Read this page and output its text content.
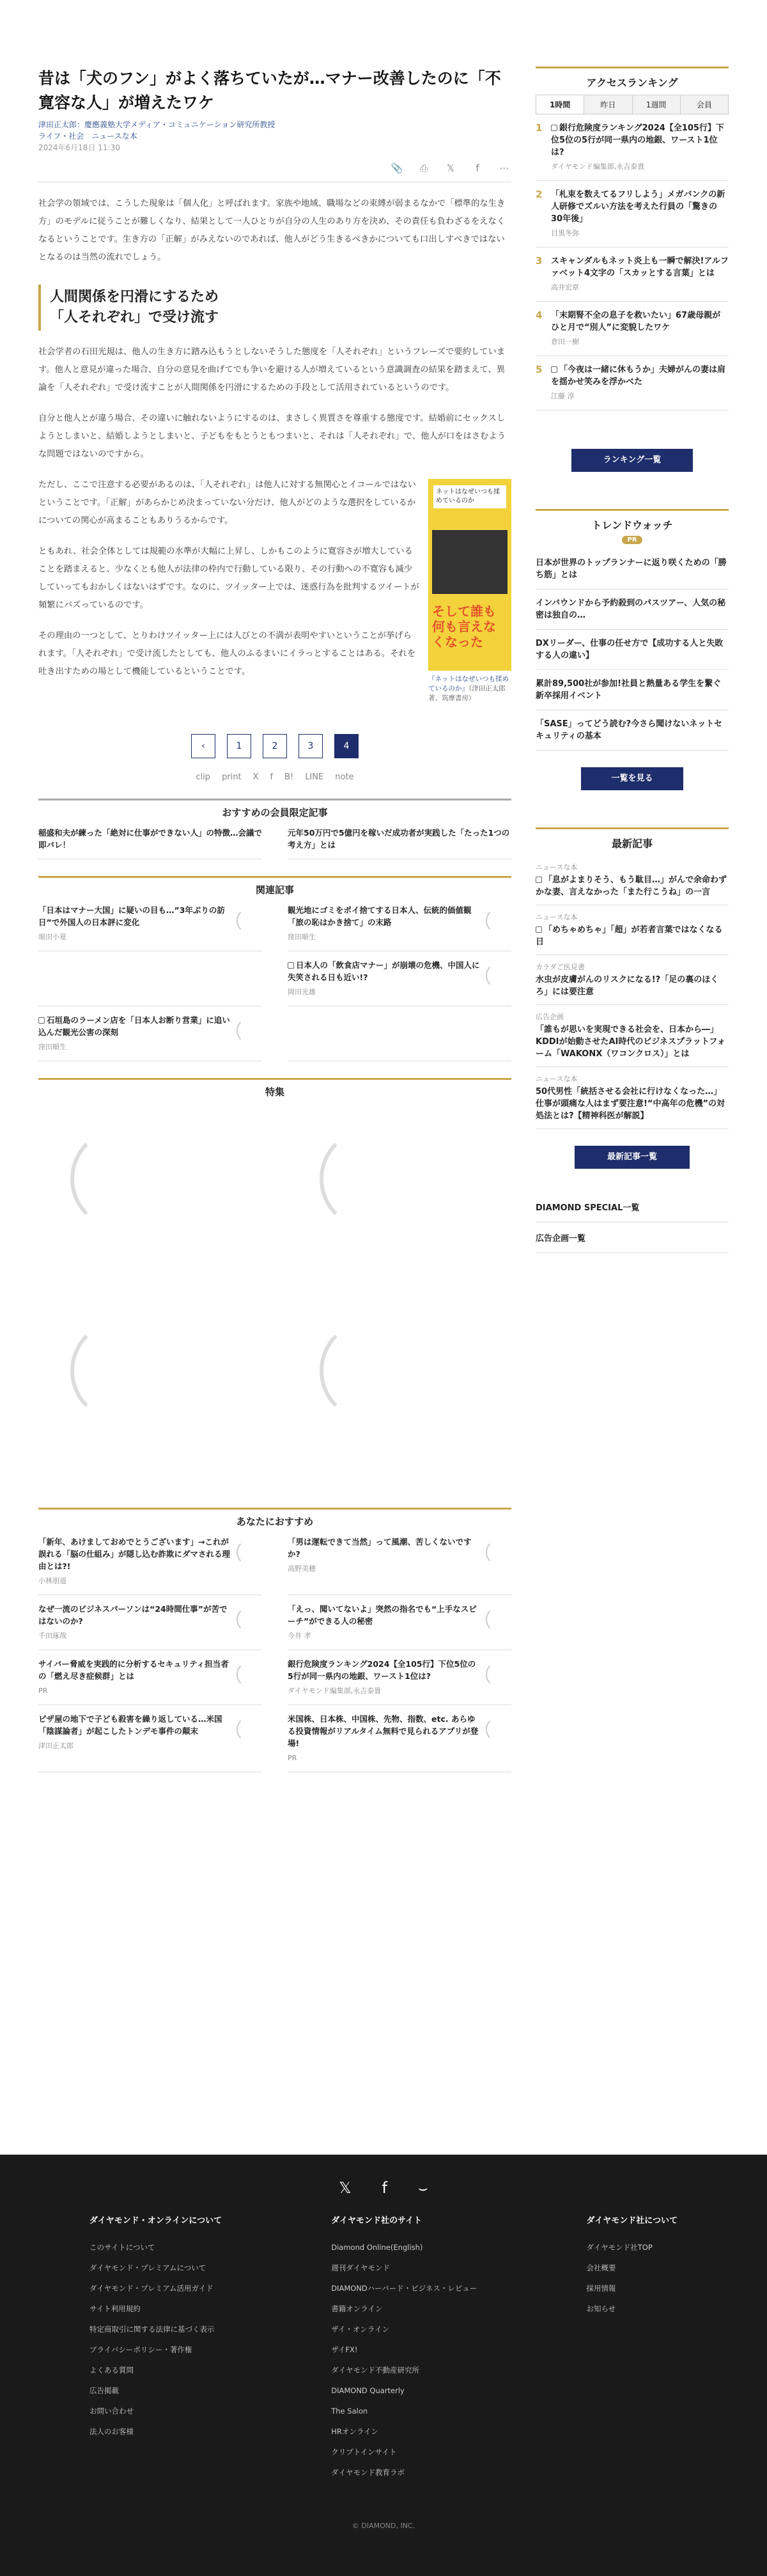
昔は「犬のフン」がよく落ちていたが…マナー改善したのに「不寛容な人」が増えたワケ
津田正太郎：慶應義塾大学メディア・コミュニケーション研究所教授
ライフ・社会　 ニュースな本
2024年6月18日 11:30
📎	⎙	𝕏	f	⋯

社会学の領域では、こうした現象は「個人化」と呼ばれます。家族や地域、職場などの束縛が弱まるなかで「標準的な生き方」のモデルに従うことが難しくなり、結果として一人ひとりが自分の人生のあり方を決め、その責任も負わざるをえなくなるということです。生き方の「正解」がみえないのであれば、他人がどう生きるべきかについても口出しすべきではないとなるのは当然の流れでしょう。

人間関係を円滑にするため
「人それぞれ」で受け流す

社会学者の石田光規は、他人の生き方に踏み込もうとしないそうした態度を「人それぞれ」というフレーズで要約しています。他人と意見が違った場合、自分の意見を曲げてでも争いを避ける人が増えているという意識調査の結果を踏まえて、異論を「人それぞれ」で受け流すことが人間関係を円滑にするための手段として活用されているというのです。

自分と他人とが違う場合、その違いに触れないようにするのは、まさしく異質さを尊重する態度です。結婚前にセックスしようとしまいと、結婚しようとしまいと、子どもをもとうともつまいと、それは「人それぞれ」で、他人が口をはさむような問題ではないのですから。

ただし、ここで注意する必要があるのは、「人それぞれ」は他人に対する無関心とイコールではないということです。「正解」があらかじめ決まっていない分だけ、他人がどのような選択をしているかについての関心が高まることもありうるからです。

ともあれ、社会全体としては規範の水準が大幅に上昇し、しかもこのように寛容さが増大していることを踏まえると、少なくとも他人が法律の枠内で行動している限り、その行動への不寛容も減少していってもおかしくはないはずです。なのに、ツイッター上では、迷惑行為を批判するツイートが頻繁にバズっているのです。

その理由の一つとして、とりわけツイッター上には人びとの不満が表明やすいということが挙げられます。「人それぞれ」で受け流したとしても、他人のふるまいにイラっとすることはある。それを吐き出すための場として機能しているということです。

ネットはなぜいつも揉めているのか
そして誰も何も言えなくなった
『ネットはなぜいつも揉めているのか』（津田正太郎著、筑摩書房）
‹	1	2	3	4
clip print X f B! LINE note
おすすめの会員限定記事
稲盛和夫が練った「絶対に仕事ができない人」の特徴…会議で即バレ！
元年50万円で5億円を稼いだ成功者が実践した「たった1つの考え方」とは
関連記事
「日本はマナー大国」に疑いの目も…”3年ぶりの訪日”で外国人の日本評に変化
堀田小夏
観光地にゴミをポイ捨てする日本人、伝統的価値観「旅の恥はかき捨て」の末路
窪田順生
日本人の「飲食店マナー」が崩壊の危機、中国人に失笑される日も近い!?
岡田光雄
石垣島のラーメン店を「日本人お断り営業」に追い込んだ観光公害の深刻
窪田順生
特集
あなたにおすすめ
「新年、あけましておめでとうございます」→これが誤れる「脳の仕組み」が隠し込む詐欺にダマされる理由とは?!
小林朋道
「男は運転できて当然」って風潮、苦しくないですか?
高野美穂
なぜ一流のビジネスパーソンは“24時間仕事”が苦ではないのか?
千田琢哉
「えっ、聞いてないよ」突然の指名でも“上手なスピーチ”ができる人の秘密
今井 孝
サイバー脅威を実践的に分析するセキュリティ担当者の「燃え尽き症候群」とは
PR
銀行危険度ランキング2024【全105行】下位5位の5行が同一県内の地銀、ワースト1位は?
ダイヤモンド編集部,永吉泰貴
ピザ屋の地下で子ども殺害を繰り返している…米国「陰謀論者」が起こしたトンデモ事件の顛末
津田正太郎
米国株、日本株、中国株、先物、指数、etc. あらゆる投資情報がリアルタイム無料で見られるアプリが登場!
PR
アクセスランキング
1時間	昨日	1週間	会員
1	銀行危険度ランキング2024【全105行】下位5位の5行が同一県内の地銀、ワースト1位は?
ダイヤモンド編集部,永吉泰貴
2 「札束を数えてるフリしよう」メガバンクの新人研修でズルい方法を考えた行員の「驚きの30年後」
目黒冬弥
3 スキャンダルもネット炎上も一瞬で解決!アルファベット4文字の「スカッとする言葉」とは
高井宏章
4 「末期腎不全の息子を救いたい」67歳母親がひと月で“別人”に変貌したワケ
倉田一樹
5	「今夜は一緒に休もうか」夫婦がんの妻は肩を揺かせ笑みを浮かべた
江藤 淳
ランキング一覧
トレンドウォッチ
PR
日本が世界のトップランナーに返り咲くための「勝ち筋」とは
インバウンドから予約殺到のパスツアー、人気の秘密は独自の…
DXリーダー、仕事の任せ方で【成功する人と失敗する人の違い】
累計89,500社が参加!社員と熱量ある学生を繋ぐ新卒採用イベント
「SASE」ってどう読む?今さら聞けないネットセキュリティの基本
一覧を見る
最新記事
ニュースな本
「息がよまりそう、もう駄目…」がんで余命わずかな妻、言えなかった「また行こうね」の一言
ニュースな本
「めちゃめちゃ」「超」が若者言葉ではなくなる日
カラダご医見書
水虫が皮膚がんのリスクになる!?「足の裏のほくろ」には要注意
広告企画
「誰もが思いを実現できる社会を、日本から―」KDDIが始動させたAI時代のビジネスプラットフォーム「WAKONX（ワコンクロス）」とは
ニュースな本
50代男性「統括させる会社に行けなくなった…」仕事が頭痛な人はまず要注意!“中高年の危機”の対処法とは?【精神科医が解説】
最新記事一覧
DIAMOND SPECIAL一覧
広告企画一覧
𝕏 f ⌣
ダイヤモンド・オンラインについて
このサイトについて
ダイヤモンド・プレミアムについて
ダイヤモンド・プレミアム活用ガイド
サイト利用規約
特定商取引に関する法律に基づく表示
プライバシーポリシー・著作権
よくある質問
広告掲載
お問い合わせ
法人のお客様
ダイヤモンド社のサイト
Diamond Online(English)
週刊ダイヤモンド
DIAMONDハーバード・ビジネス・レビュー
書籍オンライン
ザイ・オンライン
ザイFX!
ダイヤモンド不動産研究所
DIAMOND Quarterly
The Salon
HRオンライン
クリプトインサイト
ダイヤモンド教育ラボ
ダイヤモンド社について
ダイヤモンド社TOP
会社概要
採用情報
お知らせ
© DIAMOND, INC.
